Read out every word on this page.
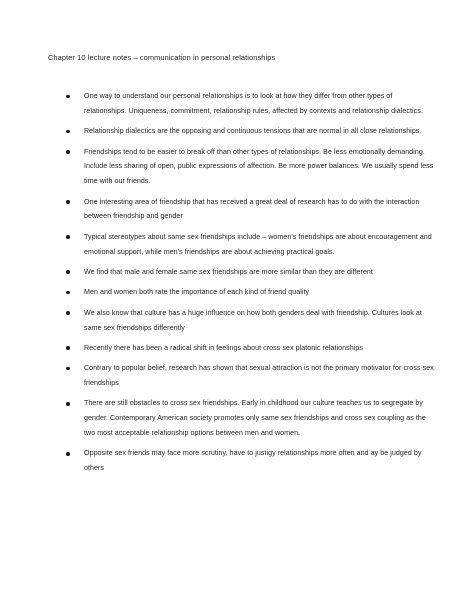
Chapter 10 lecture notes – communication in personal relationships
One way to understand our personal relationships is to look at how they differ from other types of relationships. Uniqueness, commitment, relationship rules, affected by contexts and relationship dialectics.
Relationship dialectics are the opposing and continuous tensions that are normal in all close relationships.
Friendships tend to be easier to break off than other types of relationships. Be less emotionally demanding. Include less sharing of open, public expressions of affection. Be more power balances. We usually spend less time with our friends.
One interesting area of friendship that has received a great deal of research has to do with the interaction between friendship and gender
Typical stereotypes about same sex friendships include – women’s friendships are about encouragement and emotional support, while men’s friendships are about achieving practical goals.
We find that male and female same sex friendships are more similar than they are different
Men and women both rate the importance of each kind of friend quality
We also know that culture has a huge influence on how both genders deal with friendship. Cultures look at same sex friendships differently
Recently there has been a radical shift in feelings about cross sex platonic relationships
Contrary to popular belief, research has shown that sexual attraction is not the primary motivator for cross sex friendships
There are still obstacles to cross sex friendships. Early in childhood our culture teaches us to segregate by gender. Contemporary American society promotes only same sex friendships and cross sex coupling as the two most acceptable relationship options between men and women.
Opposite sex friends may face more scrutiny, have to justigy relationships more often and ay be judged by others
